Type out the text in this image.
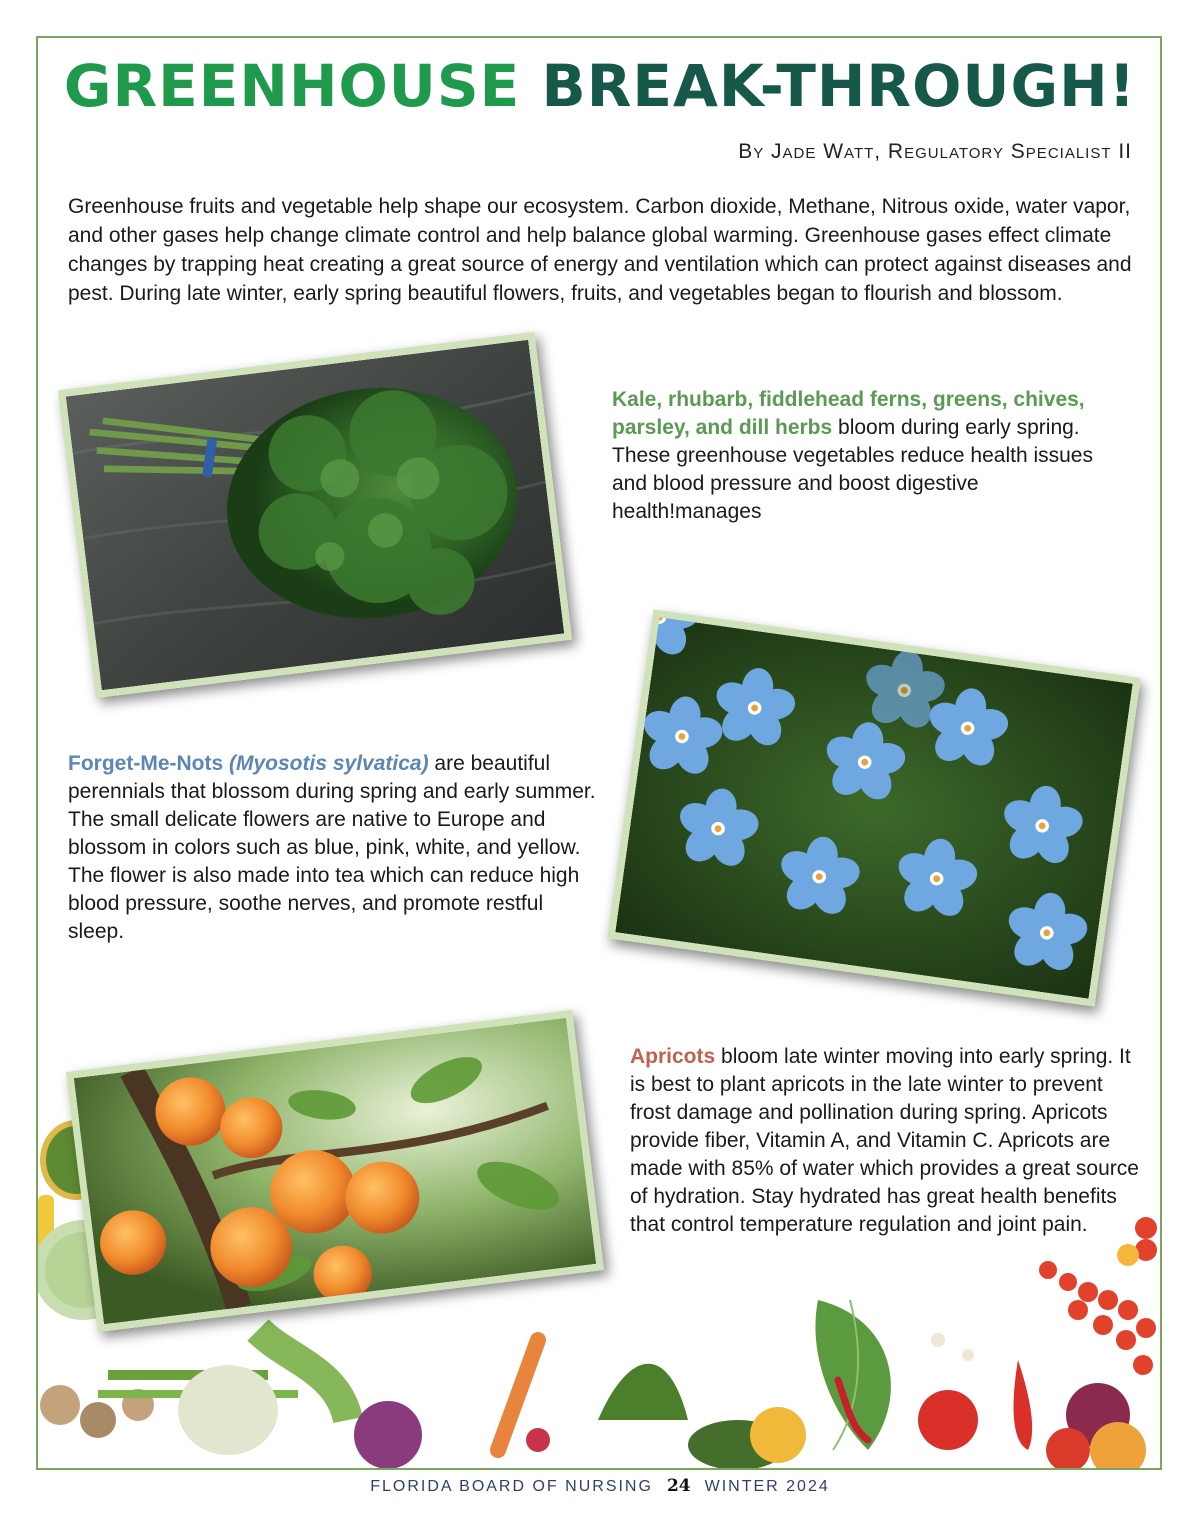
GREENHOUSE BREAK-THROUGH!
By Jade Watt, Regulatory Specialist II

Greenhouse fruits and vegetable help shape our ecosystem. Carbon dioxide, Methane, Nitrous oxide, water vapor, and other gases help change climate control and help balance global warming. Greenhouse gases effect climate changes by trapping heat creating a great source of energy and ventilation which can protect against diseases and pest. During late winter, early spring beautiful flowers, fruits, and vegetables began to flourish and blossom.

Kale, rhubarb, fiddlehead ferns, greens, chives, parsley, and dill herbs bloom during early spring. These greenhouse vegetables reduce health issues and blood pressure and boost digestive health!manages

Forget-Me-Nots (Myosotis sylvatica) are beautiful perennials that blossom during spring and early summer. The small delicate flowers are native to Europe and blossom in colors such as blue, pink, white, and yellow. The flower is also made into tea which can reduce high blood pressure, soothe nerves, and promote restful sleep.

Apricots bloom late winter moving into early spring. It is best to plant apricots in the late winter to prevent frost damage and pollination during spring. Apricots provide fiber, Vitamin A, and Vitamin C. Apricots are made with 85% of water which provides a great source of hydration. Stay hydrated has great health benefits that control temperature regulation and joint pain.

FLORIDA BOARD OF NURSING 24 WINTER 2024
